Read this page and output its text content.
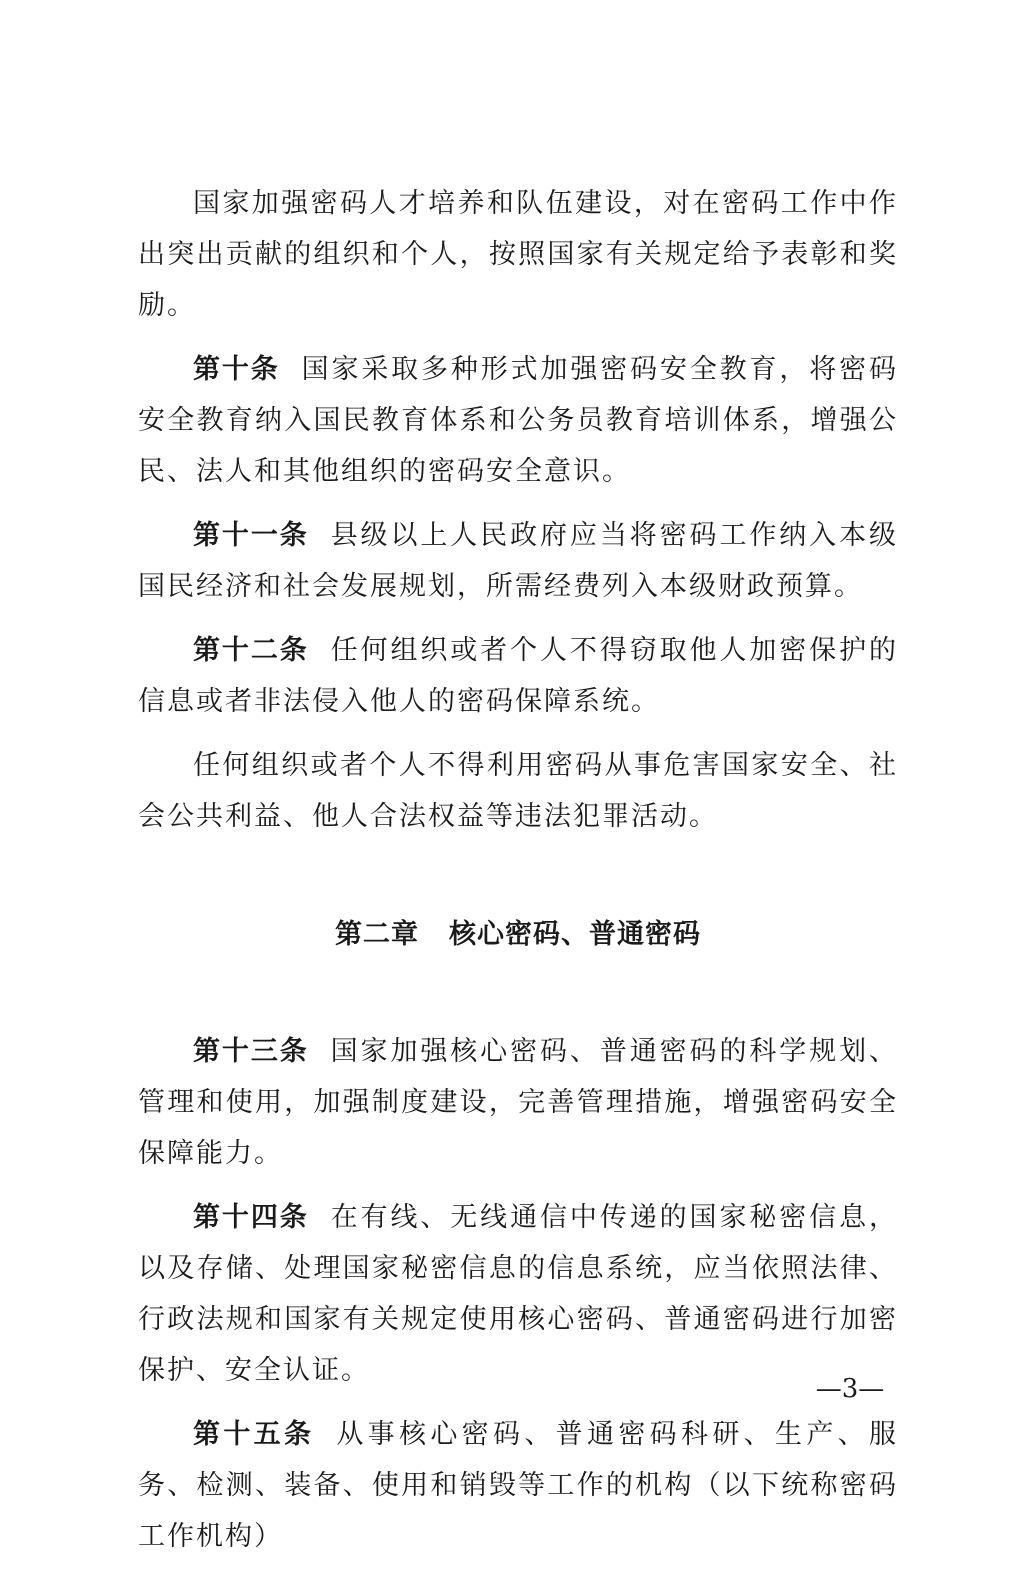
国家加强密码人才培养和队伍建设，对在密码工作中作出突出贡献的组织和个人，按照国家有关规定给予表彰和奖励。

第十条 国家采取多种形式加强密码安全教育，将密码安全教育纳入国民教育体系和公务员教育培训体系，增强公民、法人和其他组织的密码安全意识。

第十一条 县级以上人民政府应当将密码工作纳入本级国民经济和社会发展规划，所需经费列入本级财政预算。

第十二条 任何组织或者个人不得窃取他人加密保护的信息或者非法侵入他人的密码保障系统。

任何组织或者个人不得利用密码从事危害国家安全、社会公共利益、他人合法权益等违法犯罪活动。

第二章 核心密码、普通密码

第十三条 国家加强核心密码、普通密码的科学规划、管理和使用，加强制度建设，完善管理措施，增强密码安全保障能力。

第十四条 在有线、无线通信中传递的国家秘密信息，以及存储、处理国家秘密信息的信息系统，应当依照法律、行政法规和国家有关规定使用核心密码、普通密码进行加密保护、安全认证。

第十五条 从事核心密码、普通密码科研、生产、服务、检测、装备、使用和销毁等工作的机构（以下统称密码工作机构）

—3—
